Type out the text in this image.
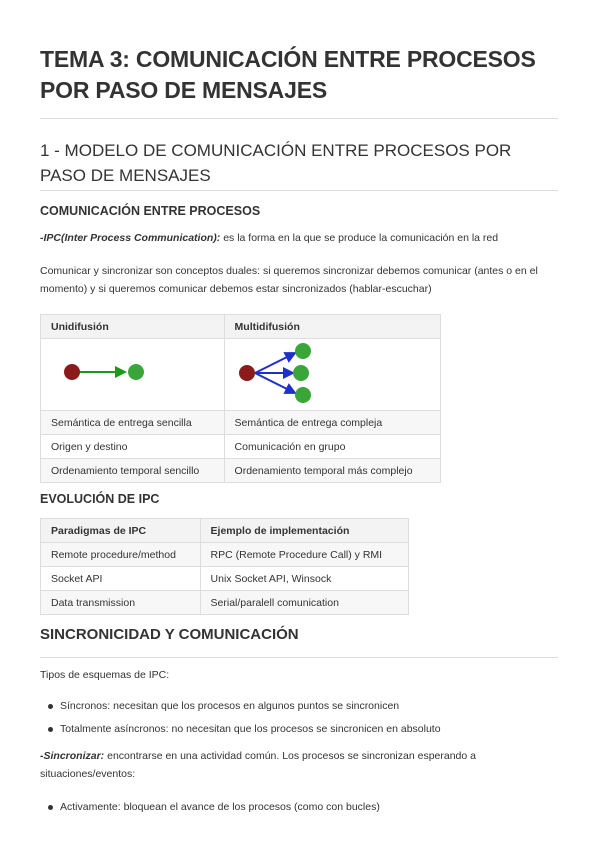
TEMA 3: COMUNICACIÓN ENTRE PROCESOS POR PASO DE MENSAJES
1 - MODELO DE COMUNICACIÓN ENTRE PROCESOS POR PASO DE MENSAJES
COMUNICACIÓN ENTRE PROCESOS
-IPC(Inter Process Communication): es la forma en la que se produce la comunicación en la red
Comunicar y sincronizar son conceptos duales: si queremos sincronizar debemos comunicar (antes o en el momento) y si queremos comunicar debemos estar sincronizados (hablar-escuchar)
Unidifusión	Multidifusión

Semántica de entrega sencilla	Semántica de entrega compleja
Origen y destino	Comunicación en grupo
Ordenamiento temporal sencillo	Ordenamiento temporal más complejo
EVOLUCIÓN DE IPC
Paradigmas de IPC	Ejemplo de implementación
Remote procedure/method	RPC (Remote Procedure Call) y RMI
Socket API	Unix Socket API, Winsock
Data transmission	Serial/paralell comunication
SINCRONICIDAD Y COMUNICACIÓN
Tipos de esquemas de IPC:
Síncronos: necesitan que los procesos en algunos puntos se sincronicen
Totalmente asíncronos: no necesitan que los procesos se sincronicen en absoluto
-Sincronizar: encontrarse en una actividad común. Los procesos se sincronizan esperando a situaciones/eventos:
Activamente: bloquean el avance de los procesos (como con bucles)
